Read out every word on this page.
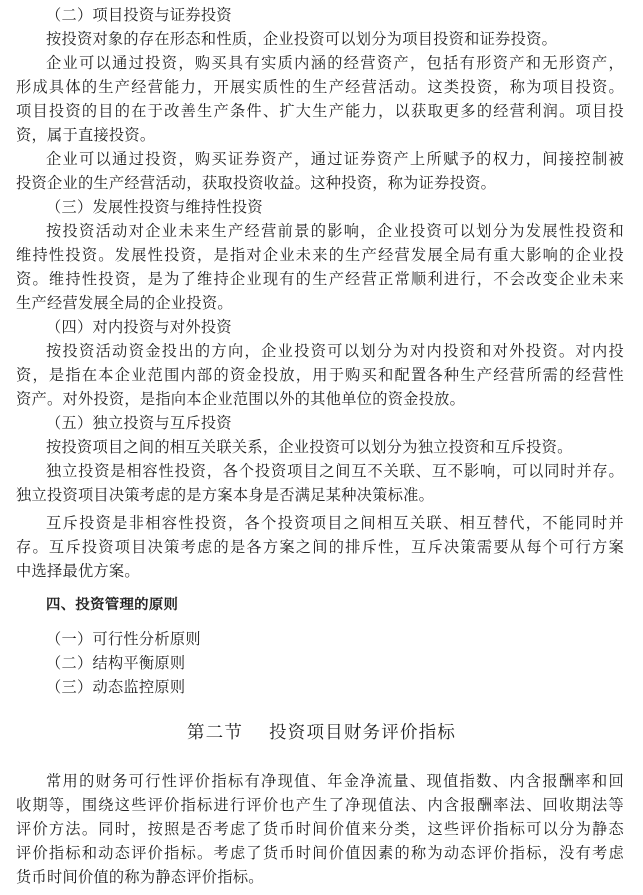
（二）项目投资与证券投资
按投资对象的存在形态和性质，企业投资可以划分为项目投资和证券投资。
企业可以通过投资，购买具有实质内涵的经营资产，包括有形资产和无形资产，
形成具体的生产经营能力，开展实质性的生产经营活动。这类投资，称为项目投资。
项目投资的目的在于改善生产条件、扩大生产能力，以获取更多的经营利润。项目投
资，属于直接投资。
企业可以通过投资，购买证券资产，通过证券资产上所赋予的权力，间接控制被
投资企业的生产经营活动，获取投资收益。这种投资，称为证券投资。
（三）发展性投资与维持性投资
按投资活动对企业未来生产经营前景的影响，企业投资可以划分为发展性投资和
维持性投资。发展性投资，是指对企业未来的生产经营发展全局有重大影响的企业投
资。维持性投资，是为了维持企业现有的生产经营正常顺利进行，不会改变企业未来
生产经营发展全局的企业投资。
（四）对内投资与对外投资
按投资活动资金投出的方向，企业投资可以划分为对内投资和对外投资。对内投
资，是指在本企业范围内部的资金投放，用于购买和配置各种生产经营所需的经营性
资产。对外投资，是指向本企业范围以外的其他单位的资金投放。
（五）独立投资与互斥投资
按投资项目之间的相互关联关系，企业投资可以划分为独立投资和互斥投资。
独立投资是相容性投资，各个投资项目之间互不关联、互不影响，可以同时并存。
独立投资项目决策考虑的是方案本身是否满足某种决策标准。
互斥投资是非相容性投资，各个投资项目之间相互关联、相互替代，不能同时并
存。互斥投资项目决策考虑的是各方案之间的排斥性，互斥决策需要从每个可行方案
中选择最优方案。
四、投资管理的原则
（一）可行性分析原则
（二）结构平衡原则
（三）动态监控原则
第二节 投资项目财务评价指标
常用的财务可行性评价指标有净现值、年金净流量、现值指数、内含报酬率和回
收期等，围绕这些评价指标进行评价也产生了净现值法、内含报酬率法、回收期法等
评价方法。同时，按照是否考虑了货币时间价值来分类，这些评价指标可以分为静态
评价指标和动态评价指标。考虑了货币时间价值因素的称为动态评价指标，没有考虑
货币时间价值的称为静态评价指标。
